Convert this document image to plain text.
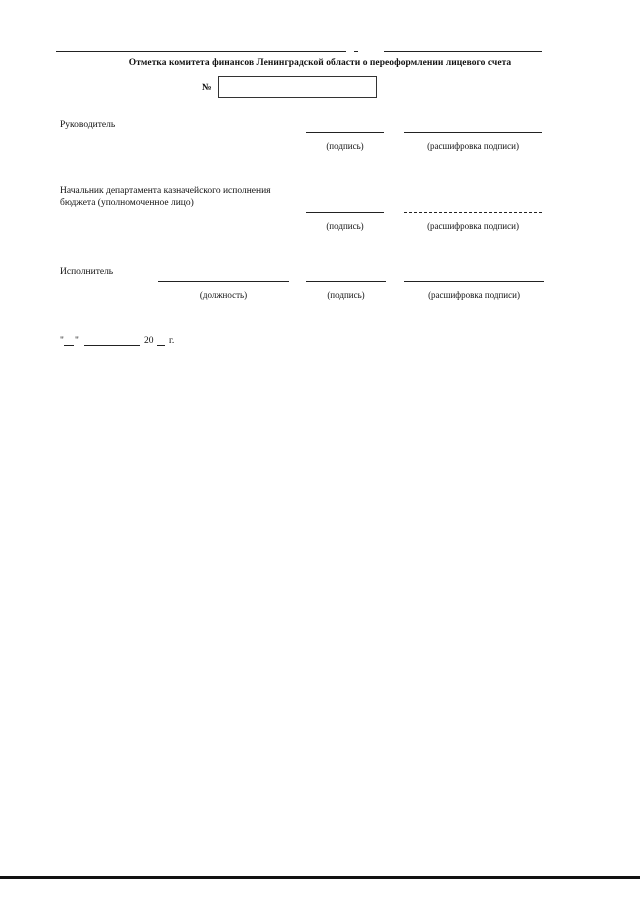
Отметка комитета финансов Ленинградской области о переоформлении лицевого счета
№
Руководитель
(подпись)	(расшифровка подписи)
Начальник департамента казначейского исполнения
бюджета (уполномоченное лицо)
(подпись)	(расшифровка подписи)
Исполнитель
(должность)	(подпись)	(расшифровка подписи)
" "	20 г.
